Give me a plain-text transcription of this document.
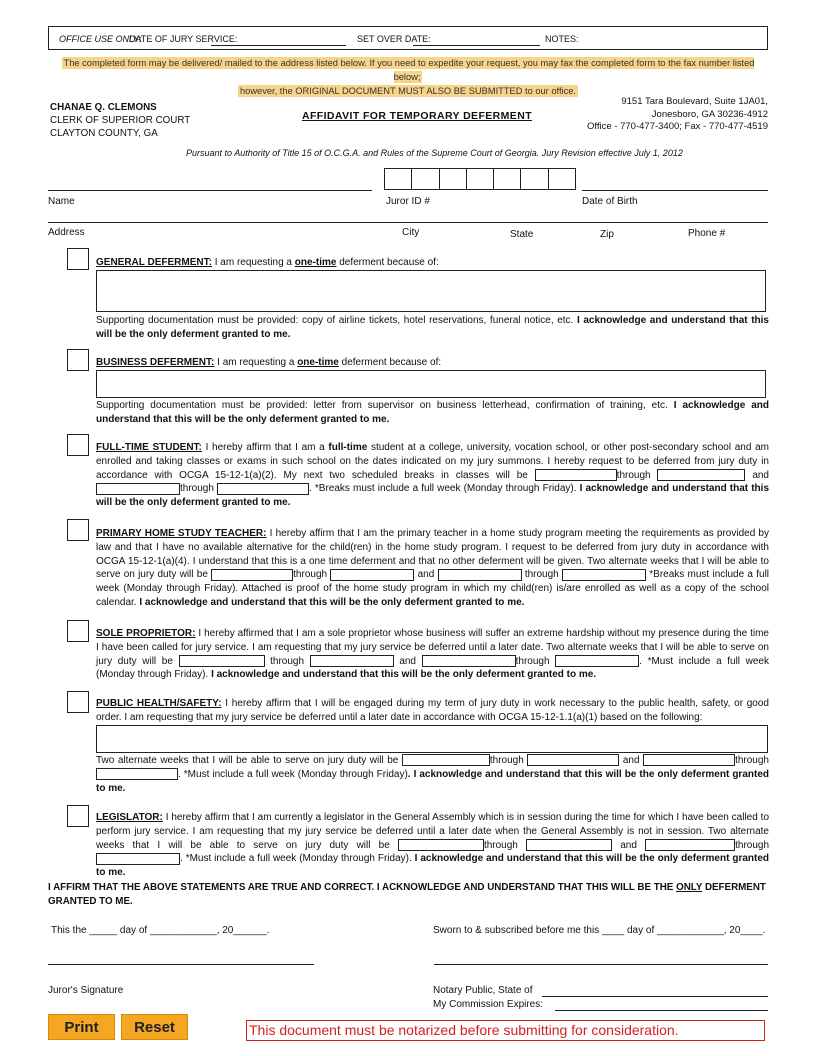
OFFICE USE ONLY:
DATE OF JURY SERVICE:	SET OVER DATE:	NOTES:
The completed form may be delivered/ mailed to the address listed below. If you need to expedite your request, you may fax the completed form to the fax number listed below;
however, the ORIGINAL DOCUMENT MUST ALSO BE SUBMITTED to our office.
CHANAE Q. CLEMONS
CLERK OF SUPERIOR COURT
CLAYTON COUNTY, GA
AFFIDAVIT FOR TEMPORARY DEFERMENT
9151 Tara Boulevard, Suite 1JA01,
Jonesboro, GA 30236-4912
Office - 770-477-3400; Fax - 770-477-4519
Pursuant to Authority of Title 15 of O.C.G.A. and Rules of the Supreme Court of Georgia. Jury Revision effective July 1, 2012
Name	Juror ID #	Date of Birth
Address	City	State	Zip	Phone #
GENERAL DEFERMENT: I am requesting a one-time deferment because of:
Supporting documentation must be provided: copy of airline tickets, hotel reservations, funeral notice, etc. I acknowledge and understand that this will be the only deferment granted to me.
BUSINESS DEFERMENT: I am requesting a one-time deferment because of:
Supporting documentation must be provided: letter from supervisor on business letterhead, confirmation of training, etc. I acknowledge and understand that this will be the only deferment granted to me.
FULL-TIME STUDENT: I hereby affirm that I am a full-time student at a college, university, vocation school, or other post-secondary school and am enrolled and taking classes or exams in such school on the dates indicated on my jury summons. I hereby request to be deferred from jury duty in accordance with OCGA 15-12-1(a)(2). My next two scheduled breaks in classes will be	through	and through	. *Breaks must include a full week (Monday through Friday). I acknowledge and understand that this will be the only deferment granted to me.
PRIMARY HOME STUDY TEACHER: I hereby affirm that I am the primary teacher in a home study program meeting the requirements as provided by law and that I have no available alternative for the child(ren) in the home study program. I request to be deferred from jury duty in accordance with OCGA 15-12-1(a)(4). I understand that this is a one time deferment and that no other deferment will be given. Two alternate weeks that I will be able to serve on jury duty will be	through	and	through	*Breaks must include a full week (Monday through Friday). Attached is proof of the home study program in which my child(ren) is/are enrolled as well as a copy of the school calendar. I acknowledge and understand that this will be the only deferment granted to me.
SOLE PROPRIETOR: I hereby affirmed that I am a sole proprietor whose business will suffer an extreme hardship without my presence during the time I have been called for jury service. I am requesting that my jury service be deferred until a later date. Two alternate weeks that I will be able to serve on jury duty will be	through	and	through	. *Must include a full week (Monday through Friday). I acknowledge and understand that this will be the only deferment granted to me.
PUBLIC HEALTH/SAFETY: I hereby affirm that I will be engaged during my term of jury duty in work necessary to the public health, safety, or good order. I am requesting that my jury service be deferred until a later date in accordance with OCGA 15-12-1.1(a)(1) based on the following:
Two alternate weeks that I will be able to serve on jury duty will be	through	and	through . *Must include a full week (Monday through Friday). I acknowledge and understand that this will be the only deferment granted to me.
LEGISLATOR: I hereby affirm that I am currently a legislator in the General Assembly which is in session during the time for which I have been called to perform jury service. I am requesting that my jury service be deferred until a later date when the General Assembly is not in session. Two alternate weeks that I will be able to serve on jury duty will be	through	and	through . *Must include a full week (Monday through Friday). I acknowledge and understand that this will be the only deferment granted to me.
I AFFIRM THAT THE ABOVE STATEMENTS ARE TRUE AND CORRECT. I ACKNOWLEDGE AND UNDERSTAND THAT THIS WILL BE THE ONLY DEFERMENT GRANTED TO ME.
This the _____ day of ____________, 20______.	Sworn to & subscribed before me this ____ day of ____________, 20____.
Juror's Signature	Notary Public, State of
My Commission Expires:
Print	Reset	This document must be notarized before submitting for consideration.
